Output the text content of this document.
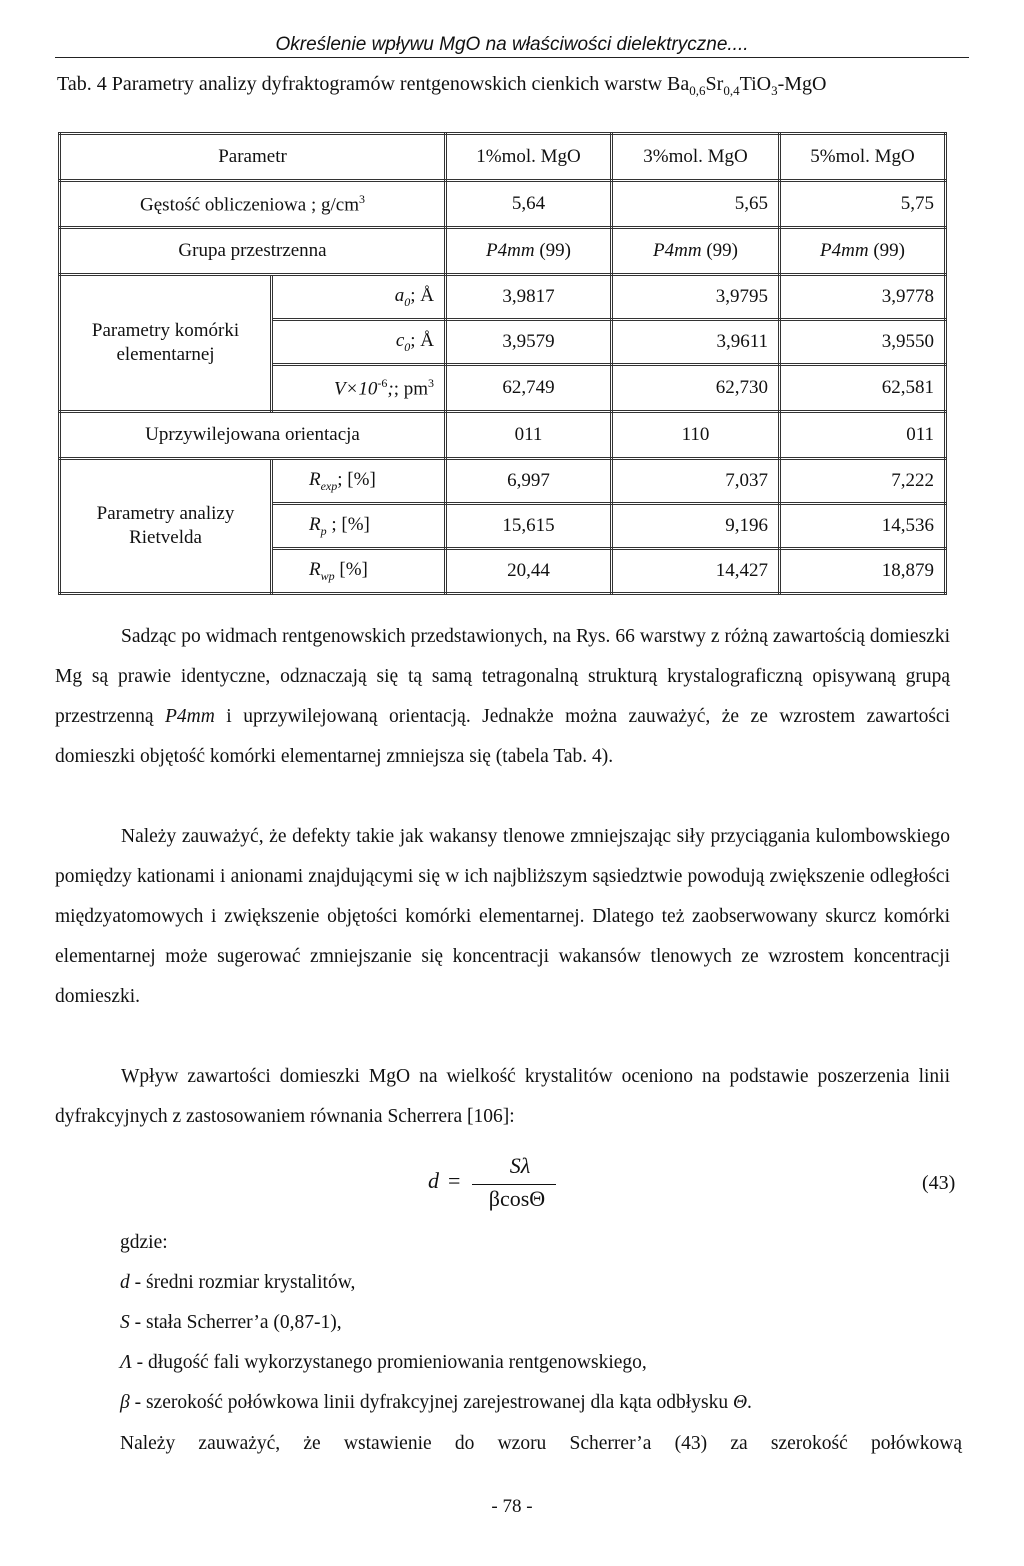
Określenie wpływu MgO na właściwości dielektryczne....
Tab. 4 Parametry analizy dyfraktogramów rentgenowskich cienkich warstw $Ba_{0,6}Sr_{0,4}TiO_3$-MgO
Parametr		1%mol. MgO	3%mol. MgO	5%mol. MgO
Gęstość obliczeniowa ; $g/cm^3$		5,64	5,65	5,75
Grupa przestrzenna		P4mm (99)	P4mm (99)	P4mm (99)
Parametry komórki elementarnej	$a_0$; Å	3,9817	3,9795	3,9778
	$c_0$; Å	3,9579	3,9611	3,9550
	$V\times 10^{-6}$;; $pm^3$	62,749	62,730	62,581
Uprzywilejowana orientacja		011	110	011
Parametry analizy Rietvelda	$R_{exp}$; [%]	6,997	7,037	7,222
	$R_p$ ; [%]	15,615	9,196	14,536
	$R_{wp}$ [%]	20,44	14,427	18,879
Sadząc po widmach rentgenowskich przedstawionych, na Rys. 66 warstwy z różną zawartością domieszki Mg są prawie identyczne, odznaczają się tą samą tetragonalną strukturą krystalograficzną opisywaną grupą przestrzenną P4mm i uprzywilejowaną orientacją. Jednakże można zauważyć, że ze wzrostem zawartości domieszki objętość komórki elementarnej zmniejsza się (tabela Tab. 4).
Należy zauważyć, że defekty takie jak wakansy tlenowe zmniejszając siły przyciągania kulombowskiego pomiędzy kationami i anionami znajdującymi się w ich najbliższym sąsiedztwie powodują zwiększenie odległości międzyatomowych i zwiększenie objętości komórki elementarnej. Dlatego też zaobserwowany skurcz komórki elementarnej może sugerować zmniejszanie się koncentracji wakansów tlenowych ze wzrostem koncentracji domieszki.
Wpływ zawartości domieszki MgO na wielkość krystalitów oceniono na podstawie poszerzenia linii dyfrakcyjnych z zastosowaniem równania Scherrera [106]:
d =
Sλ
βcosΘ
(43)
gdzie:
d - średni rozmiar krystalitów,
S - stała Scherrer’a (0,87-1),
Λ - długość fali wykorzystanego promieniowania rentgenowskiego,
β - szerokość połówkowa linii dyfrakcyjnej zarejestrowanej dla kąta odbłysku Θ.
Należy zauważyć, że wstawienie do wzoru Scherrer’a (43) za szerokość połówkową
- 78 -
